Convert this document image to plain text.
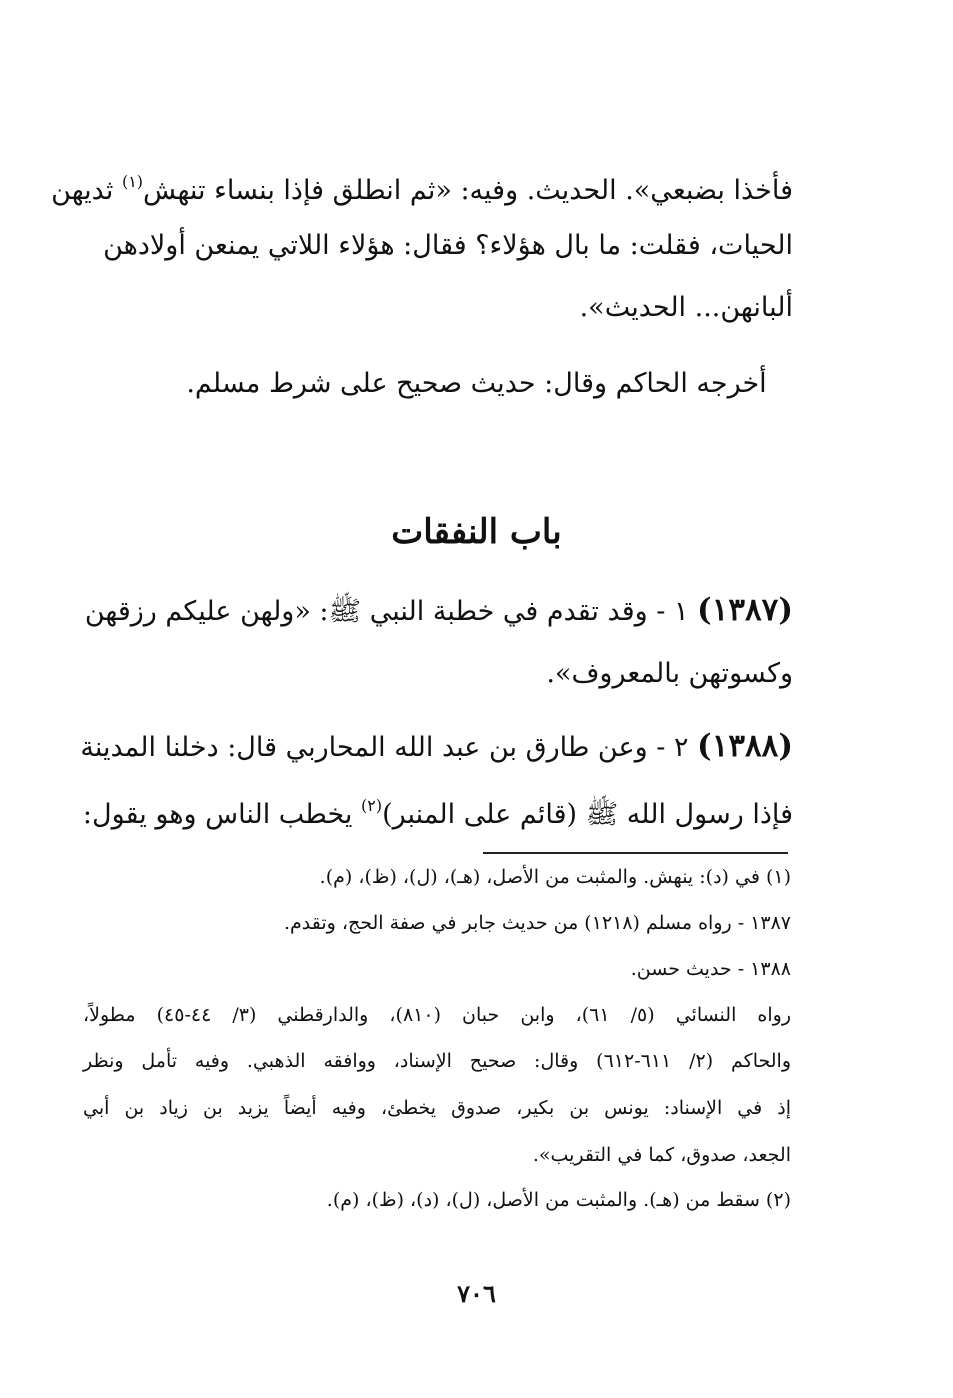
فأخذا بضبعي». الحديث. وفيه: «ثم انطلق فإذا بنساء تنهش$^{(١)}$ ثديهن
الحيات، فقلت: ما بال هؤلاء؟ فقال: هؤلاء اللاتي يمنعن أولادهن
ألبانهن... الحديث».
أخرجه الحاكم وقال: حديث صحيح على شرط مسلم.
باب النفقات
(١٣٨٧) ١ - وقد تقدم في خطبة النبي ﷺ: «ولهن عليكم رزقهن
وكسوتهن بالمعروف».
(١٣٨٨) ٢ - وعن طارق بن عبد الله المحاربي قال: دخلنا المدينة
فإذا رسول الله ﷺ (قائم على المنبر)$^{(٢)}$ يخطب الناس وهو يقول:
(١) في (د): ينهش. والمثبت من الأصل، (هـ)، (ل)، (ظ)، (م).
١٣٨٧ - رواه مسلم (١٢١٨) من حديث جابر في صفة الحج، وتقدم.
١٣٨٨ - حديث حسن.
رواه النسائي (٥/ ٦١)، وابن حبان (٨١٠)، والدارقطني (٣/ ٤٤-٤٥) مطولاً،
والحاكم (٢/ ٦١١-٦١٢) وقال: صحيح الإسناد، ووافقه الذهبي. وفيه تأمل ونظر
إذ في الإسناد: يونس بن بكير، صدوق يخطئ، وفيه أيضاً يزيد بن زياد بن أبي
الجعد، صدوق، كما في التقريب».
(٢) سقط من (هـ). والمثبت من الأصل، (ل)، (د)، (ظ)، (م).
٧٠٦
